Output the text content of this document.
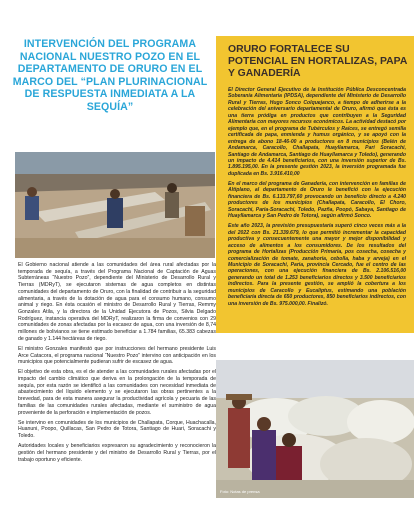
INTERVENCIÓN DEL PROGRAMA NACIONAL NUESTRO POZO EN EL DEPARTAMENTO DE ORURO EN EL MARCO DEL “PLAN PLURINACIONAL DE RESPUESTA INMEDIATA A LA SEQUÍA”

El Gobierno nacional atiende a las comunidades del área rural afectadas por la temporada de sequía, a través del Programa Nacional de Captación de Aguas Subterráneas “Nuestro Pozo”, dependiente del Ministerio de Desarrollo Rural y Tierras (MDRyT), se ejecutaron sistemas de agua completos en distintas comunidades del departamento de Oruro, con la finalidad de contribuir a la seguridad alimentaria, a través de la dotación de agua para el consumo humano, consumo animal y riego. En ésta ocasión el ministro de Desarrollo Rural y Tierras, Remmy Gonzales Atila, y la directora de la Unidad Ejecutora de Pozos, Silvia Delgado Rodríguez, instancia operativa del MDRyT, realizaron la firma de convenios con 29 comunidades de zonas afectadas por la escasez de agua, con una inversión de 8,74 millones de bolivianos se tiene estimado beneficiar a 1.784 familias, 65.383 cabezas de ganado y 1.144 hectáreas de riego.

El ministro Gonzales manifestó que por instrucciones del hermano presidente Luis Arce Catacora, el programa nacional “Nuestro Pozo” intervino con anticipación en los municipios que potencialmente pudieran sufrir de escasez de agua.

El objetivo de esta obra, es el de atender a las comunidades rurales afectadas por el impacto del cambio climático que deriva en la prolongación de la temporada de sequía, por esta razón se identificó a las comunidades con necesidad inmediata de abastecimiento del líquido elemento y se ejecutaron las obras pertinentes a la brevedad, para de esta manera asegurar la productividad agrícola y pecuaria de las familias de las comunidades rurales afectadas, mediante el suministro de agua proveniente de la perforación e implementación de pozos.

Se intervino en comunidades de los municipios de Challapata, Corque, Huachacalla, Huanuni, Poopo, Quillacas, San Pedro de Totora, Santiago de Huari, Soracachi y Toledo.

Autoridades locales y beneficiarios expresaron su agradecimiento y reconocieron la gestión del hermano presidente y del ministro de Desarrollo Rural y Tierras, por el trabajo oportuno y eficiente.

ORURO FORTALECE SU POTENCIAL EN HORTALIZAS, PAPA Y GANADERÍA

El Director General Ejecutivo de la Institución Pública Desconcentrada Soberanía Alimentaria (IPDSA), dependiente del Ministerio de Desarrollo Rural y Tierras, Hugo Sonco Colquejanco, a tiempo de adherirse a la celebración del aniversario departamental de Oruro, afirmó que ésta es una tierra pródiga en productos que contribuyen a la Seguridad Alimentaria con mayores recursos económicos. La actividad destacó por ejemplo que, en el programa de Tubérculos y Raíces, se entregó semilla certificada de papa, enmienda y humus orgánico, y se apoyó con la entrega de abono 18-46-00 a productores en 8 municipios (Belén de Andamarca, Caracollo, Challapata, Huayllamarca, Pari Soracachi, Santiago de Andamarca, Santiago de Huayllamarca y Toledo), generando un impacto de 4.414 beneficiarios, con una inversión superior de Bs. 1.895.195,00. En la presente gestión 2023, la inversión programada fue duplicada en Bs. 3.916.410,00

En el marco del programa de Ganadería, con intervención en familias de Altiplano, al departamento de Oruro le benefició con la ejecución financiera de Bs. 6.133.797,60 provocando un beneficio directo a 4.240 productores de los municipios (Challapata, Caracollo, El Choro, Soracachi, Paria-Soracachi, Toledo, Pazña, Poopó, Sabaya, Santiago de Huayllamarca y San Pedro de Totora), según afirmó Sonco.

Este año 2023, la previsión presupuestaria superó cinco veces más a la del 2022 con Bs. 21.339.679, lo que permitió incrementar la capacidad productiva y consecuentemente una mayor y mejor disponibilidad y acceso de alimentos a los consumidores. De los resultados del programa de Hortalizas (Producción Primaria, pos cosecha, cosecha y comercialización de tomate, zanahoria, cebolla, haba y arveja) en el Municipio de Soracachi, Paria, provincia Cercado, fue el centro de las operaciones, con una ejecución financiera de Bs. 2.106.516,00 generando un total de 1.253 beneficiarios directos y 3.500 beneficiarios indirectos. Para la presente gestión, se amplió la cobertura a los municipios de Caracollo y Eucaliptus, estimando una población beneficiaria directa de 650 productores, 850 beneficiarios indirectos, con una inversión de Bs. 975.000,00. Finalizó.

Foto: Notas de prensa
